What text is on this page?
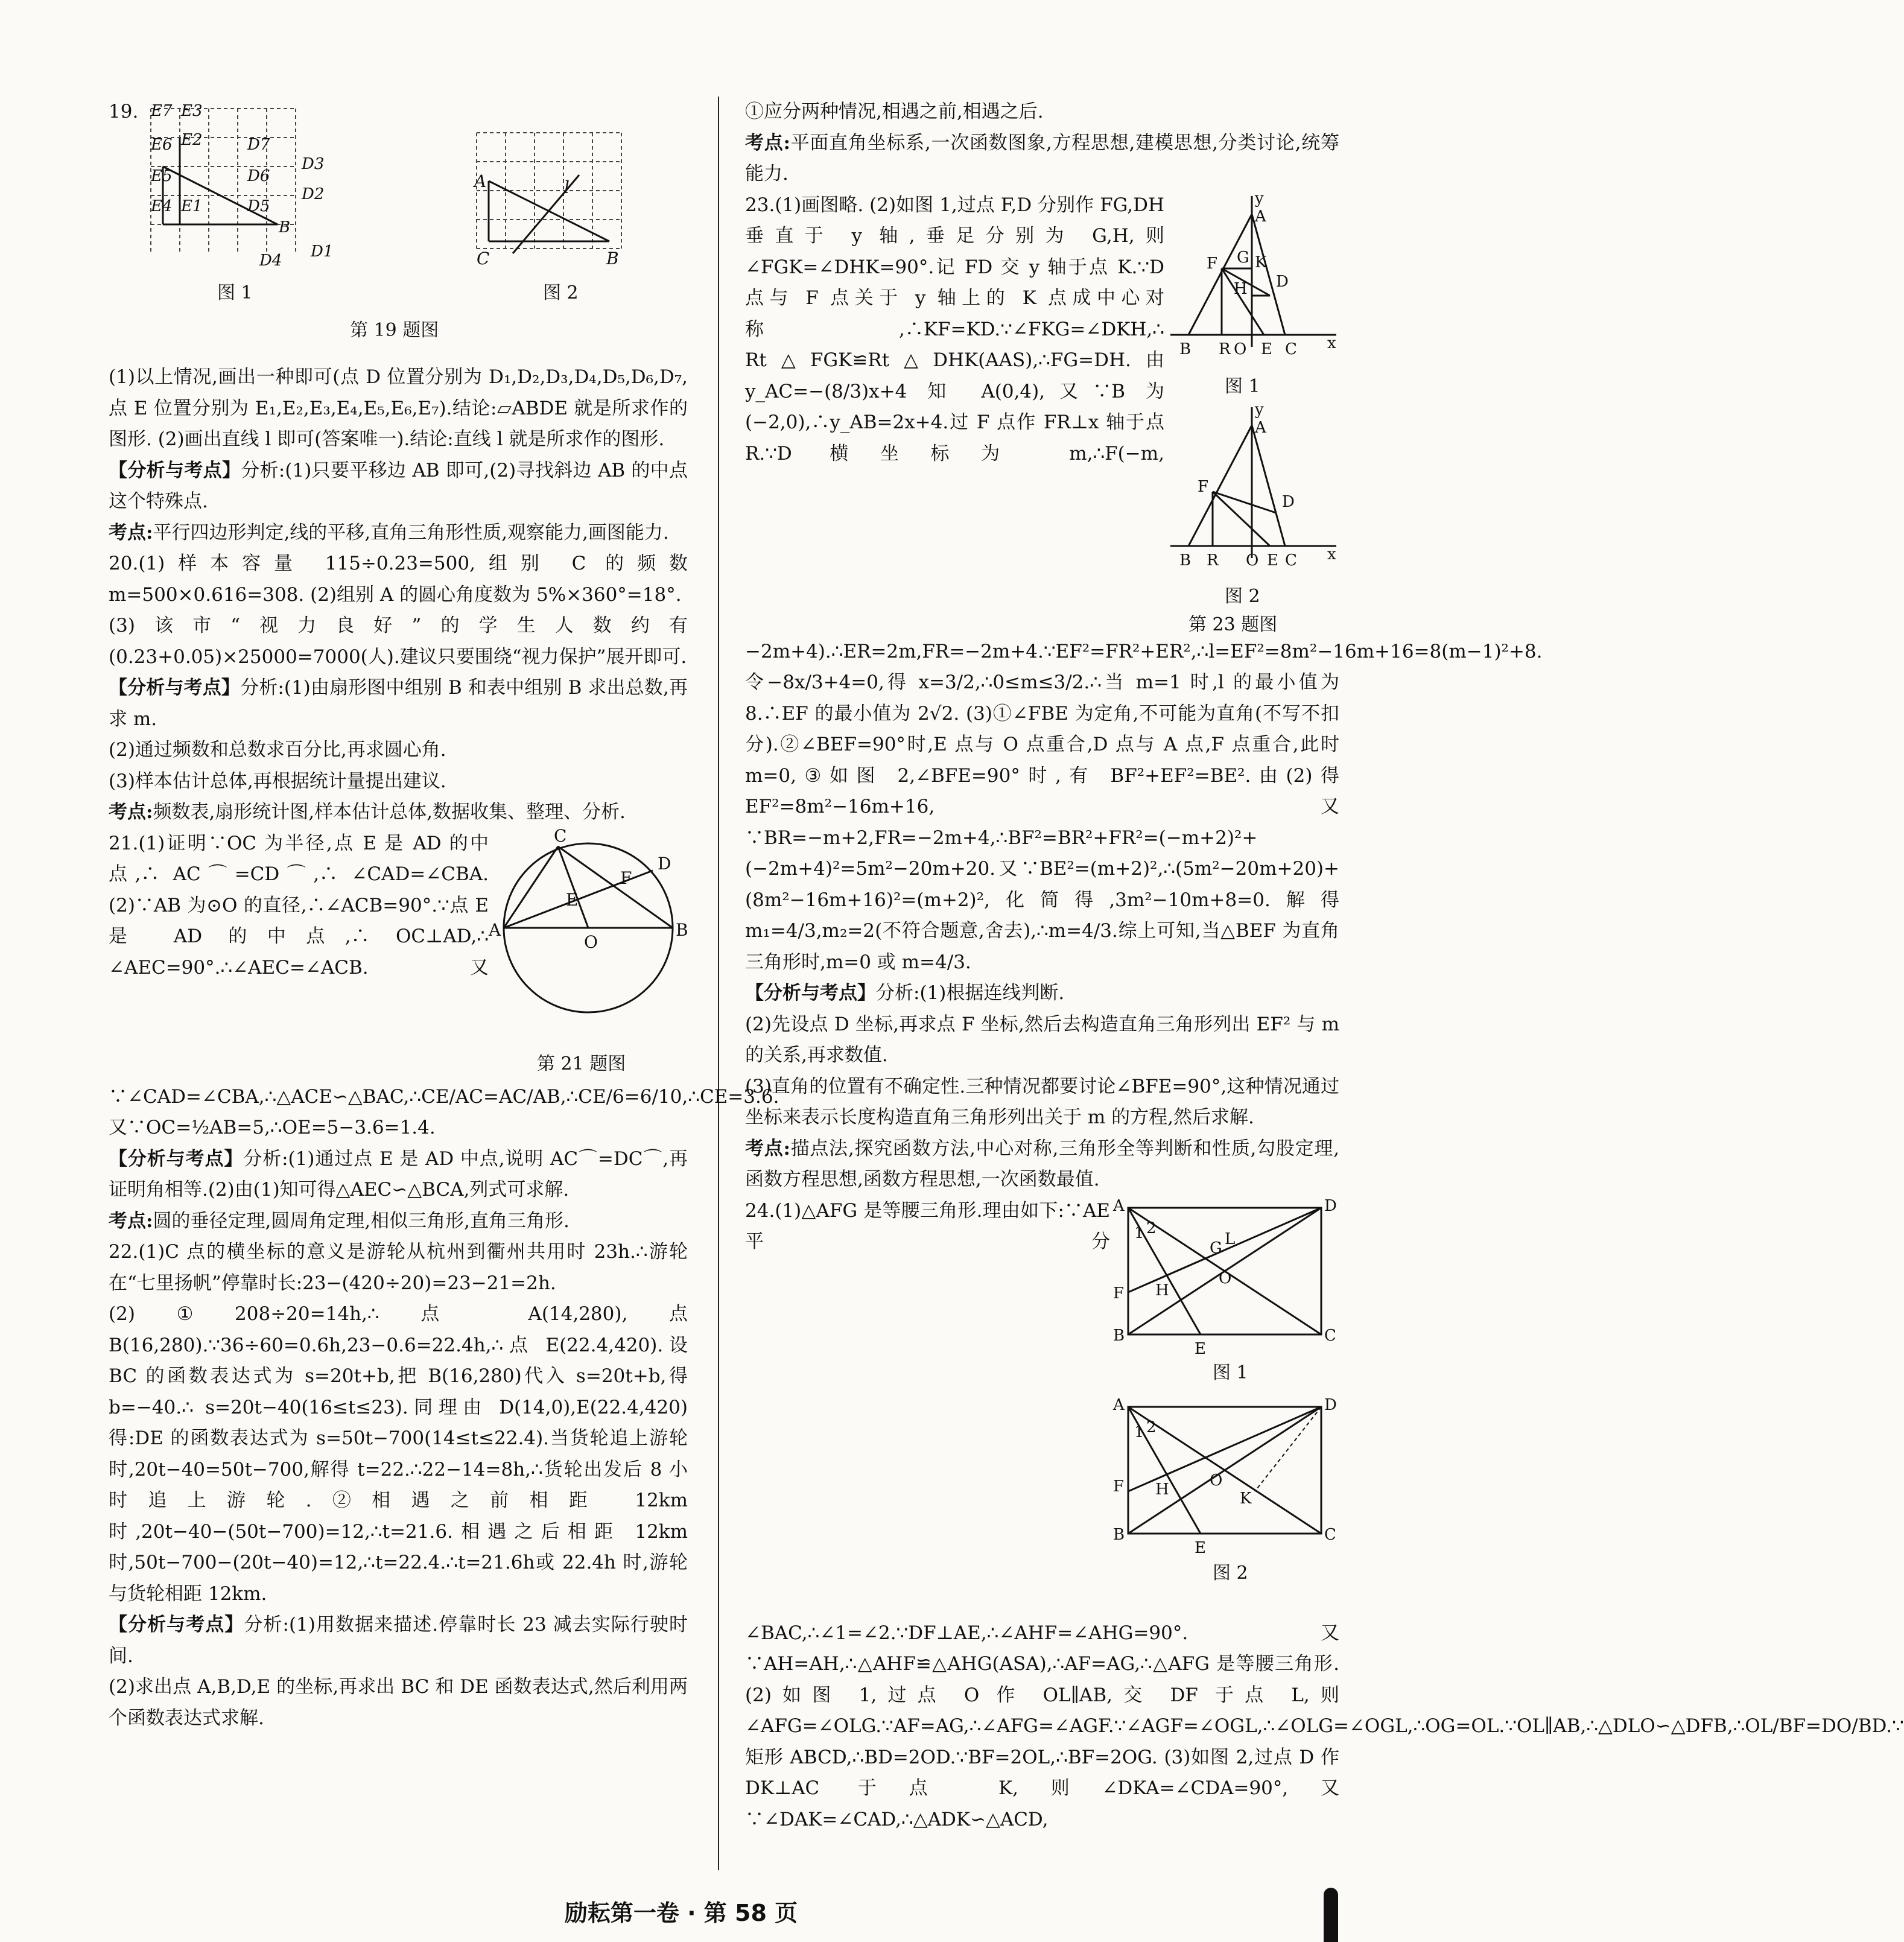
19. E7 E3
E6 E2	D7
D3
E5	D6
D2
E4 E1	D5
B
D4 D1
A	l
C	B
图 1	图 2
第 19 题图

(1)以上情况,画出一种即可(点 D 位置分别为 D₁,D₂,D₃,D₄,D₅,D₆,D₇,点 E 位置分别为 E₁,E₂,E₃,E₄,E₅,E₆,E₇).结论:▱ABDE 就是所求作的图形. (2)画出直线 l 即可(答案唯一).结论:直线 l 就是所求作的图形.

【分析与考点】分析:(1)只要平移边 AB 即可,(2)寻找斜边 AB 的中点这个特殊点.

考点:平行四边形判定,线的平移,直角三角形性质,观察能力,画图能力.

20.(1)样本容量 115÷0.23=500,组别 C 的频数 m=500×0.616=308. (2)组别 A 的圆心角度数为 5%×360°=18°.

(3)该市“视力良好”的学生人数约有(0.23+0.05)×25000=7000(人).建议只要围绕“视力保护”展开即可.

【分析与考点】分析:(1)由扇形图中组别 B 和表中组别 B 求出总数,再求 m.

(2)通过频数和总数求百分比,再求圆心角.

(3)样本估计总体,再根据统计量提出建议.

考点:频数表,扇形统计图,样本估计总体,数据收集、整理、分析.

C
D
F
E
A
O
B
第 21 题图

21.(1)证明∵OC 为半径,点 E 是 AD 的中点,∴ AC⌒=CD⌒,∴ ∠CAD=∠CBA. (2)∵AB 为⊙O 的直径,∴∠ACB=90°.∵点 E 是 AD 的中点,∴ OC⊥AD,∴ ∠AEC=90°.∴∠AEC=∠ACB.又∵∠CAD=∠CBA,∴△ACE∽△BAC,∴CE/AC=AC/AB,∴CE/6=6/10,∴CE=3.6.又∵OC=½AB=5,∴OE=5−3.6=1.4.

【分析与考点】分析:(1)通过点 E 是 AD 中点,说明 AC⌒=DC⌒,再证明角相等.(2)由(1)知可得△AEC∽△BCA,列式可求解.

考点:圆的垂径定理,圆周角定理,相似三角形,直角三角形.

22.(1)C 点的横坐标的意义是游轮从杭州到衢州共用时 23h.∴游轮在“七里扬帆”停靠时长:23−(420÷20)=23−21=2h.

(2)①208÷20=14h,∴点 A(14,280),点 B(16,280).∵36÷60=0.6h,23−0.6=22.4h,∴点 E(22.4,420).设 BC 的函数表达式为 s=20t+b,把 B(16,280)代入 s=20t+b,得 b=−40.∴ s=20t−40(16≤t≤23).同理由 D(14,0),E(22.4,420)得:DE 的函数表达式为 s=50t−700(14≤t≤22.4).当货轮追上游轮时,20t−40=50t−700,解得 t=22.∴22−14=8h,∴货轮出发后 8 小时追上游轮.②相遇之前相距 12km 时,20t−40−(50t−700)=12,∴t=21.6.相遇之后相距 12km 时,50t−700−(20t−40)=12,∴t=22.4.∴t=21.6h或 22.4h 时,游轮与货轮相距 12km.

【分析与考点】分析:(1)用数据来描述.停靠时长 23 减去实际行驶时间.

(2)求出点 A,B,D,E 的坐标,再求出 BC 和 DE 函数表达式,然后利用两个函数表达式求解.

①应分两种情况,相遇之前,相遇之后.

考点:平面直角坐标系,一次函数图象,方程思想,建模思想,分类讨论,统筹能力.

y
A
F G K
D
H
B R O E C x
图 1
y
A
F
D
B R O E C x
图 2
第 23 题图

23.(1)画图略. (2)如图 1,过点 F,D 分别作 FG,DH 垂直于 y 轴,垂足分别为 G,H,则∠FGK=∠DHK=90°.记 FD 交 y 轴于点 K.∵D 点与 F 点关于 y 轴上的 K 点成中心对称,∴KF=KD.∵∠FKG=∠DKH,∴ Rt△FGK≌Rt△DHK(AAS),∴FG=DH.由 y_AC=−(8/3)x+4 知 A(0,4),又∵B 为(−2,0),∴y_AB=2x+4.过 F 点作 FR⊥x 轴于点 R.∵D 横坐标为 m,∴F(−m,−2m+4).∴ER=2m,FR=−2m+4.∵EF²=FR²+ER²,∴l=EF²=8m²−16m+16=8(m−1)²+8.令−8x/3+4=0,得 x=3/2,∴0≤m≤3/2.∴当 m=1 时,l 的最小值为 8.∴EF 的最小值为 2√2. (3)①∠FBE 为定角,不可能为直角(不写不扣分).②∠BEF=90°时,E 点与 O 点重合,D 点与 A 点,F 点重合,此时 m=0,③如图 2,∠BFE=90°时,有 BF²+EF²=BE².由(2)得 EF²=8m²−16m+16,又∵BR=−m+2,FR=−2m+4,∴BF²=BR²+FR²=(−m+2)²+(−2m+4)²=5m²−20m+20.又∵BE²=(m+2)²,∴(5m²−20m+20)+(8m²−16m+16)²=(m+2)²,化简得,3m²−10m+8=0.解得 m₁=4/3,m₂=2(不符合题意,舍去),∴m=4/3.综上可知,当△BEF 为直角三角形时,m=0 或 m=4/3.

【分析与考点】分析:(1)根据连线判断.

(2)先设点 D 坐标,再求点 F 坐标,然后去构造直角三角形列出 EF² 与 m 的关系,再求数值.

(3)直角的位置有不确定性.三种情况都要讨论∠BFE=90°,这种情况通过坐标来表示长度构造直角三角形列出关于 m 的方程,然后求解.

考点:描点法,探究函数方法,中心对称,三角形全等判断和性质,勾股定理,函数方程思想,函数方程思想,一次函数最值.

A	D
1 2
G L
F
O
H
B
E
C
图 1
A	D
1 2
F	O
H	K
B
E
C
图 2

24.(1)△AFG 是等腰三角形.理由如下:∵AE 平分∠BAC,∴∠1=∠2.∵DF⊥AE,∴∠AHF=∠AHG=90°.又∵AH=AH,∴△AHF≌△AHG(ASA),∴AF=AG,∴△AFG 是等腰三角形. (2)如图 1,过点 O 作 OL∥AB,交 DF 于点 L,则∠AFG=∠OLG.∵AF=AG,∴∠AFG=∠AGF.∵∠AGF=∠OGL,∴∠OLG=∠OGL,∴OG=OL.∵OL∥AB,∴△DLO∽△DFB,∴OL/BF=DO/BD.∵矩形 ABCD,∴BD=2OD.∵BF=2OL,∴BF=2OG. (3)如图 2,过点 D 作 DK⊥AC 于点 K,则∠DKA=∠CDA=90°,又∵∠DAK=∠CAD,∴△ADK∽△ACD,

励耘第一卷 · 第 58 页
